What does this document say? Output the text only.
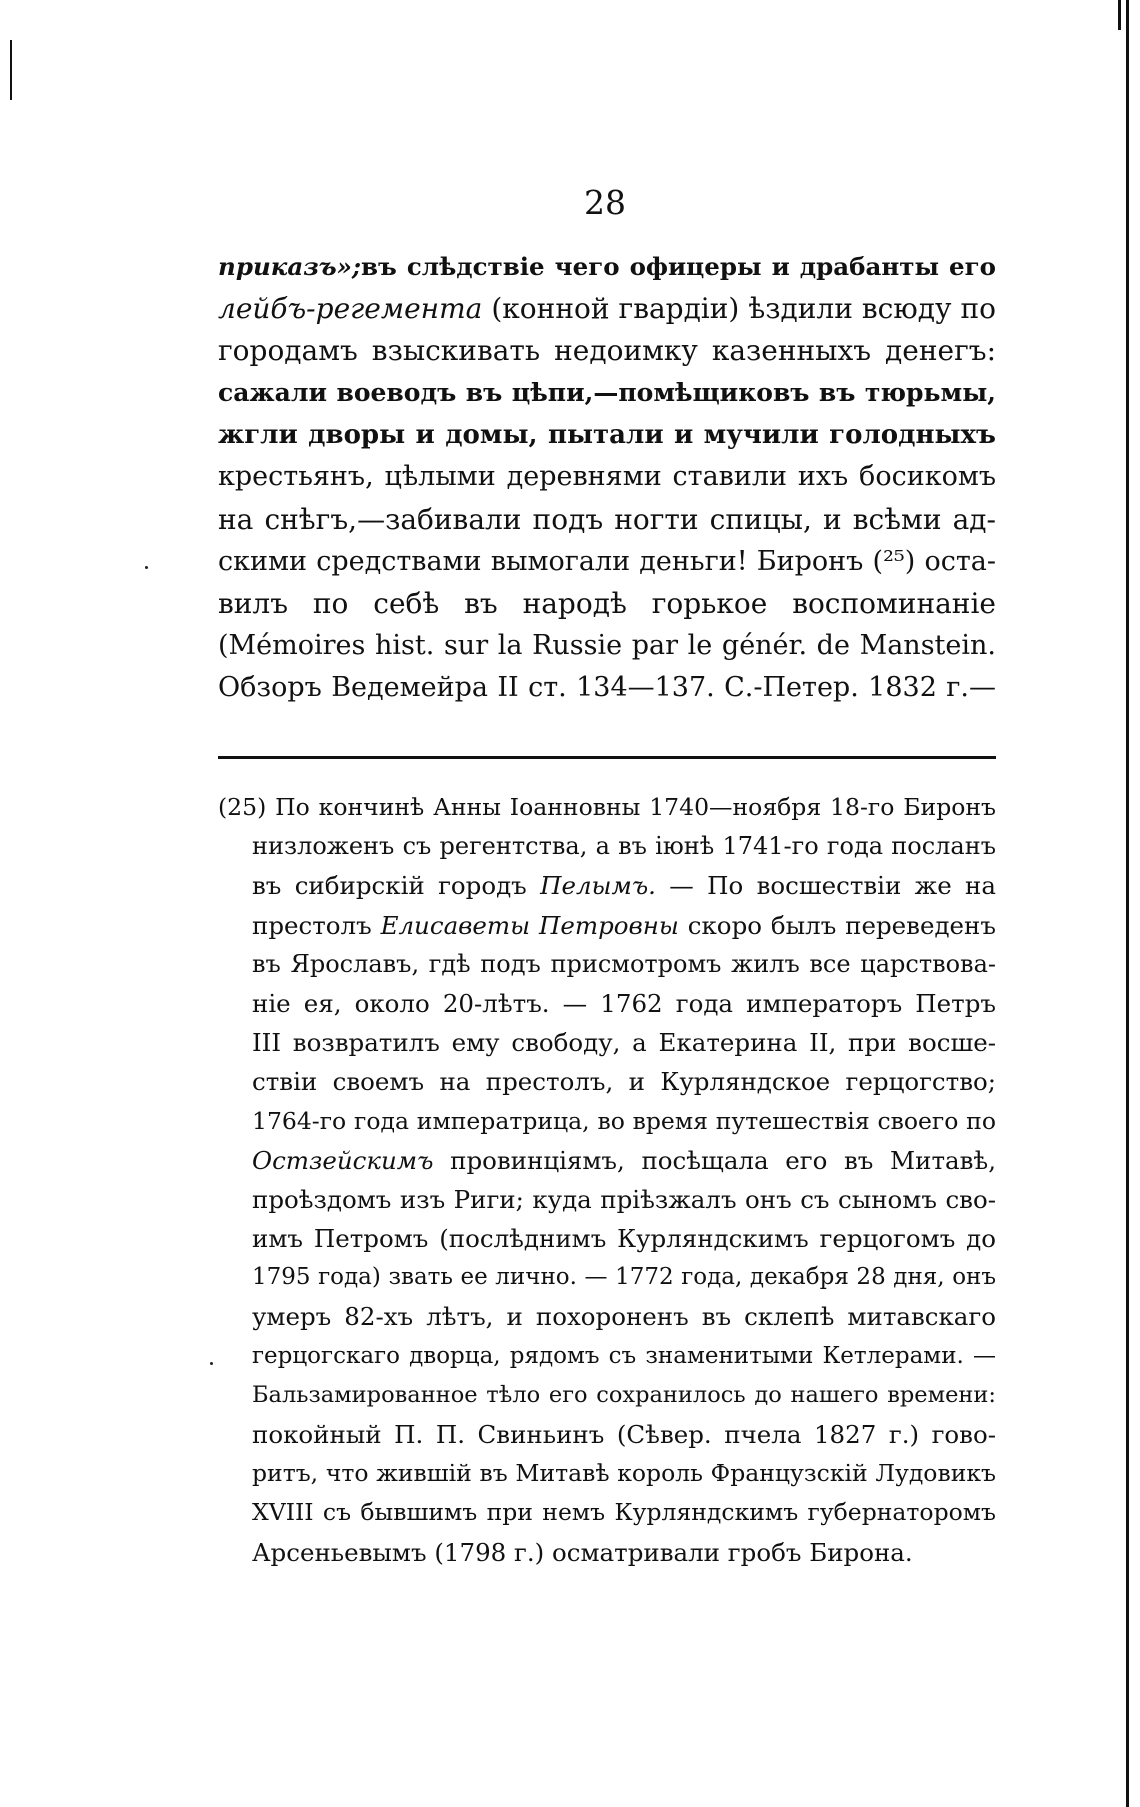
28
приказъ»;въ слѣдствіе чего офицеры и драбанты его
лейбъ-регемента (конной гвардіи) ѣздили всюду по
городамъ взыскивать недоимку казенныхъ денегъ:
сажали воеводъ въ цѣпи,—помѣщиковъ въ тюрьмы,
жгли дворы и домы, пытали и мучили голодныхъ
крестьянъ, цѣлыми деревнями ставили ихъ босикомъ
на снѣгъ,—забивали подъ ногти спицы, и всѣми ад-
скими средствами вымогали деньги! Биронъ (²⁵) оста-
вилъ по себѣ въ народѣ горькое воспоминаніе
(Mémoires hist. sur la Russie par le génér. de Manstein.
Обзоръ Ведемейра II ст. 134—137. С.-Петер. 1832 г.—
(25) По кончинѣ Анны Іоанновны 1740—ноября 18-го Биронъ
низложенъ съ регентства, а въ іюнѣ 1741-го года посланъ
въ сибирскій городъ Пелымъ. — По восшествіи же на
престолъ Елисаветы Петровны скоро былъ переведенъ
въ Ярославъ, гдѣ подъ присмотромъ жилъ все царствова-
ніе ея, около 20-лѣтъ. — 1762 года императоръ Петръ
III возвратилъ ему свободу, а Екатерина II, при восше-
ствіи своемъ на престолъ, и Курляндское герцогство;
1764-го года императрица, во время путешествія своего по
Остзейскимъ провинціямъ, посѣщала его въ Митавѣ,
проѣздомъ изъ Риги; куда пріѣзжалъ онъ съ сыномъ сво-
имъ Петромъ (послѣднимъ Курляндскимъ герцогомъ до
1795 года) звать ее лично. — 1772 года, декабря 28 дня, онъ
умеръ 82-хъ лѣтъ, и похороненъ въ склепѣ митавскаго
герцогскаго дворца, рядомъ съ знаменитыми Кетлерами. —
Бальзамированное тѣло его сохранилось до нашего времени:
покойный П. П. Свиньинъ (Сѣвер. пчела 1827 г.) гово-
ритъ, что жившій въ Митавѣ король Французскій Лудовикъ
XVIII съ бывшимъ при немъ Курляндскимъ губернаторомъ
Арсеньевымъ (1798 г.) осматривали гробъ Бирона.
